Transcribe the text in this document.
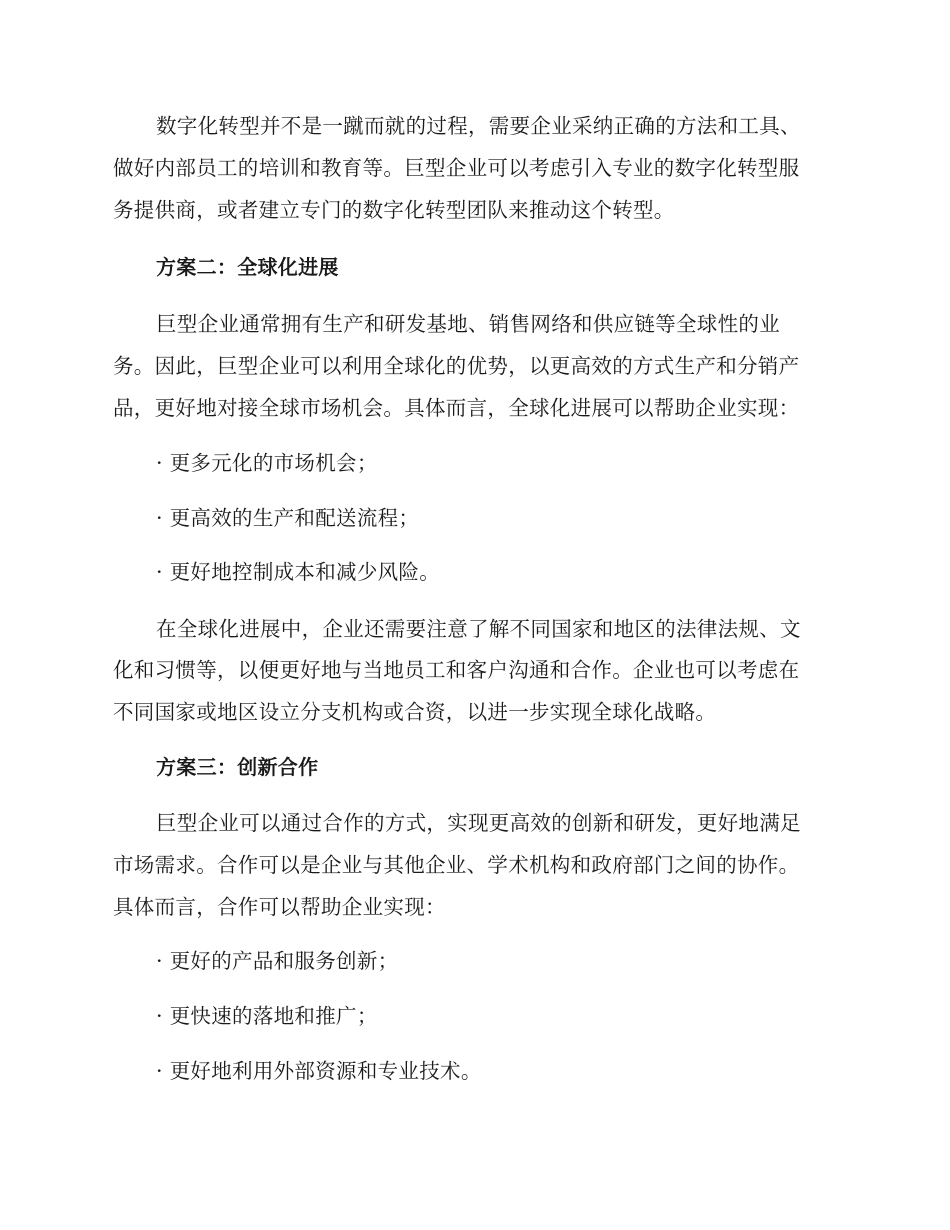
数字化转型并不是一蹴而就的过程，需要企业采纳正确的方法和工具、
做好内部员工的培训和教育等。巨型企业可以考虑引入专业的数字化转型服
务提供商，或者建立专门的数字化转型团队来推动这个转型。
方案二：全球化进展
巨型企业通常拥有生产和研发基地、销售网络和供应链等全球性的业
务。因此，巨型企业可以利用全球化的优势，以更高效的方式生产和分销产
品，更好地对接全球市场机会。具体而言，全球化进展可以帮助企业实现：
· 更多元化的市场机会；
· 更高效的生产和配送流程；
· 更好地控制成本和减少风险。
在全球化进展中，企业还需要注意了解不同国家和地区的法律法规、文
化和习惯等，以便更好地与当地员工和客户沟通和合作。企业也可以考虑在
不同国家或地区设立分支机构或合资，以进一步实现全球化战略。
方案三：创新合作
巨型企业可以通过合作的方式，实现更高效的创新和研发，更好地满足
市场需求。合作可以是企业与其他企业、学术机构和政府部门之间的协作。
具体而言，合作可以帮助企业实现：
· 更好的产品和服务创新；
· 更快速的落地和推广；
· 更好地利用外部资源和专业技术。
